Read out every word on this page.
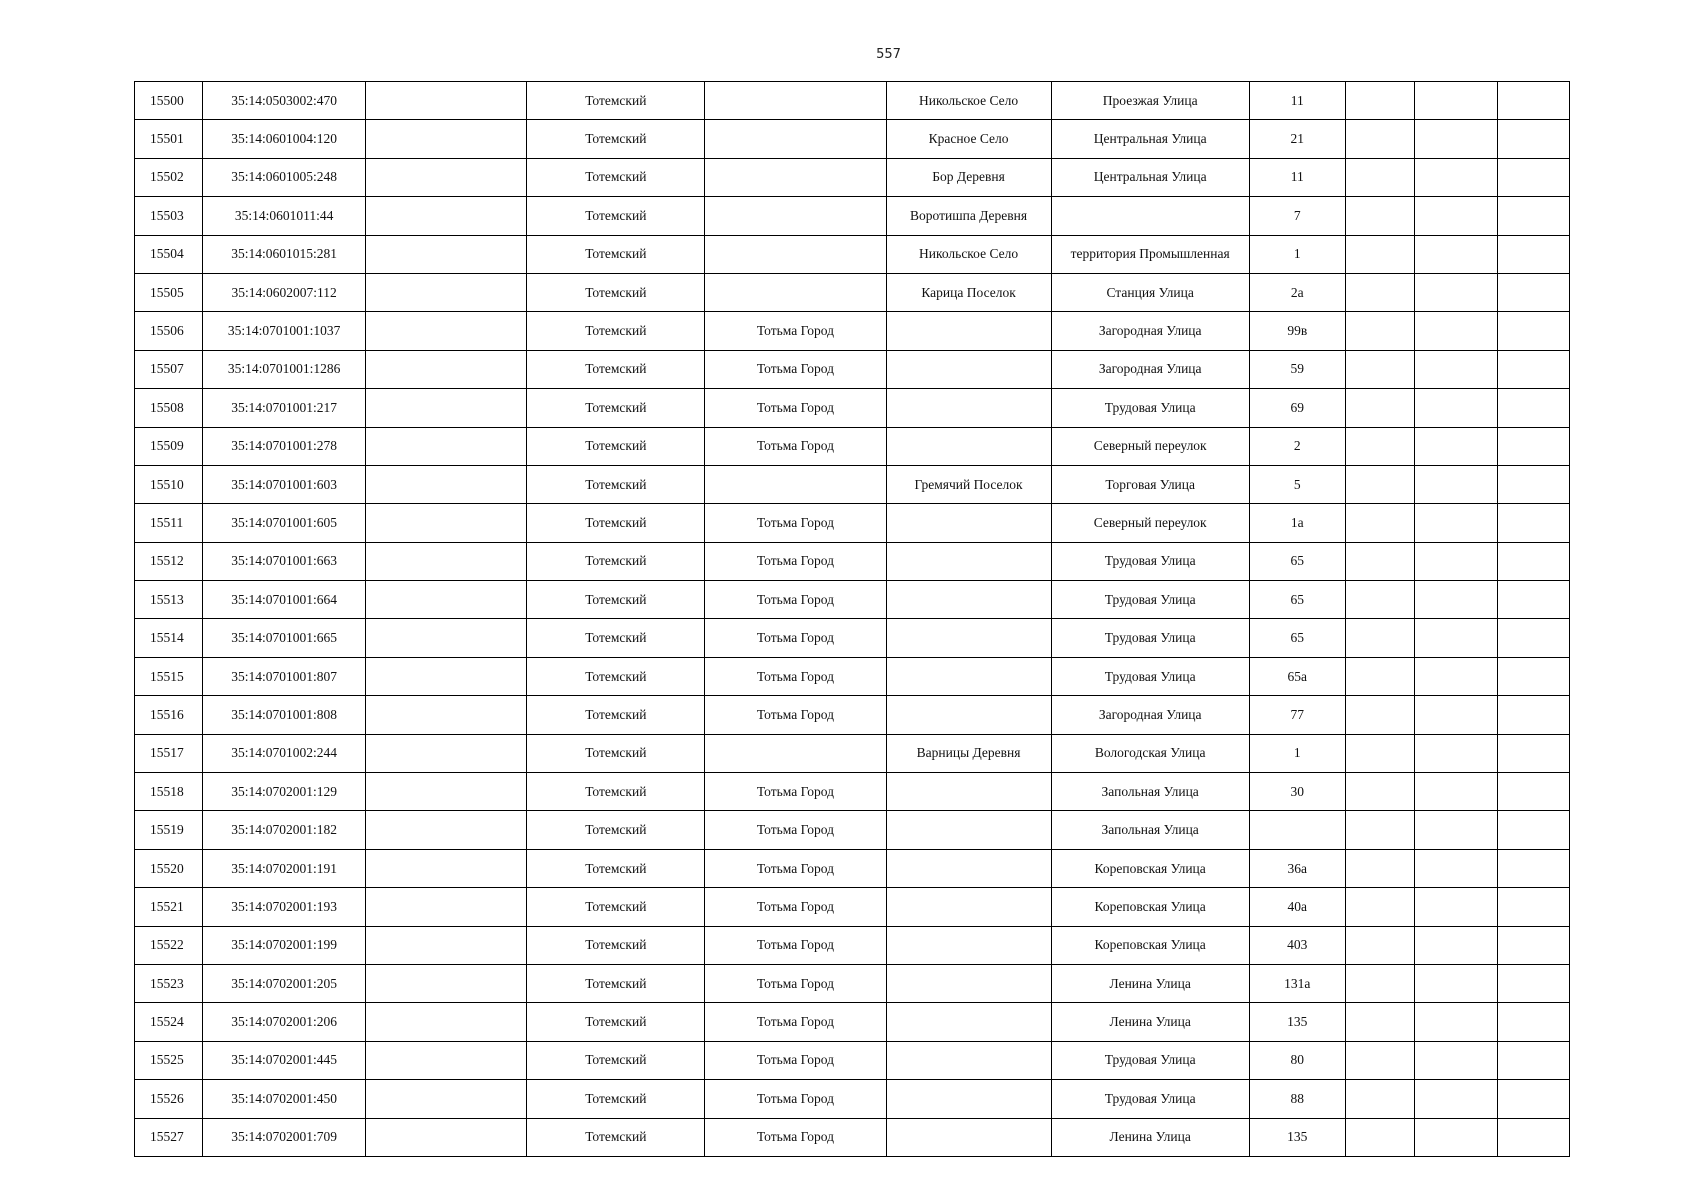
557
15500	35:14:0503002:470		Тотемский		Никольское Село	Проезжая Улица	11			
15501	35:14:0601004:120		Тотемский		Красное Село	Центральная Улица	21			
15502	35:14:0601005:248		Тотемский		Бор Деревня	Центральная Улица	11			
15503	35:14:0601011:44		Тотемский		Воротишпа Деревня		7			
15504	35:14:0601015:281		Тотемский		Никольское Село	территория Промышленная	1			
15505	35:14:0602007:112		Тотемский		Карица Поселок	Станция Улица	2а			
15506	35:14:0701001:1037		Тотемский	Тотьма Город		Загородная Улица	99в			
15507	35:14:0701001:1286		Тотемский	Тотьма Город		Загородная Улица	59			
15508	35:14:0701001:217		Тотемский	Тотьма Город		Трудовая Улица	69			
15509	35:14:0701001:278		Тотемский	Тотьма Город		Северный переулок	2			
15510	35:14:0701001:603		Тотемский		Гремячий Поселок	Торговая Улица	5			
15511	35:14:0701001:605		Тотемский	Тотьма Город		Северный переулок	1а			
15512	35:14:0701001:663		Тотемский	Тотьма Город		Трудовая Улица	65			
15513	35:14:0701001:664		Тотемский	Тотьма Город		Трудовая Улица	65			
15514	35:14:0701001:665		Тотемский	Тотьма Город		Трудовая Улица	65			
15515	35:14:0701001:807		Тотемский	Тотьма Город		Трудовая Улица	65а			
15516	35:14:0701001:808		Тотемский	Тотьма Город		Загородная Улица	77			
15517	35:14:0701002:244		Тотемский		Варницы Деревня	Вологодская Улица	1			
15518	35:14:0702001:129		Тотемский	Тотьма Город		Запольная Улица	30			
15519	35:14:0702001:182		Тотемский	Тотьма Город		Запольная Улица				
15520	35:14:0702001:191		Тотемский	Тотьма Город		Кореповская Улица	36а			
15521	35:14:0702001:193		Тотемский	Тотьма Город		Кореповская Улица	40а			
15522	35:14:0702001:199		Тотемский	Тотьма Город		Кореповская Улица	403			
15523	35:14:0702001:205		Тотемский	Тотьма Город		Ленина Улица	131а			
15524	35:14:0702001:206		Тотемский	Тотьма Город		Ленина Улица	135			
15525	35:14:0702001:445		Тотемский	Тотьма Город		Трудовая Улица	80			
15526	35:14:0702001:450		Тотемский	Тотьма Город		Трудовая Улица	88			
15527	35:14:0702001:709		Тотемский	Тотьма Город		Ленина Улица	135			
